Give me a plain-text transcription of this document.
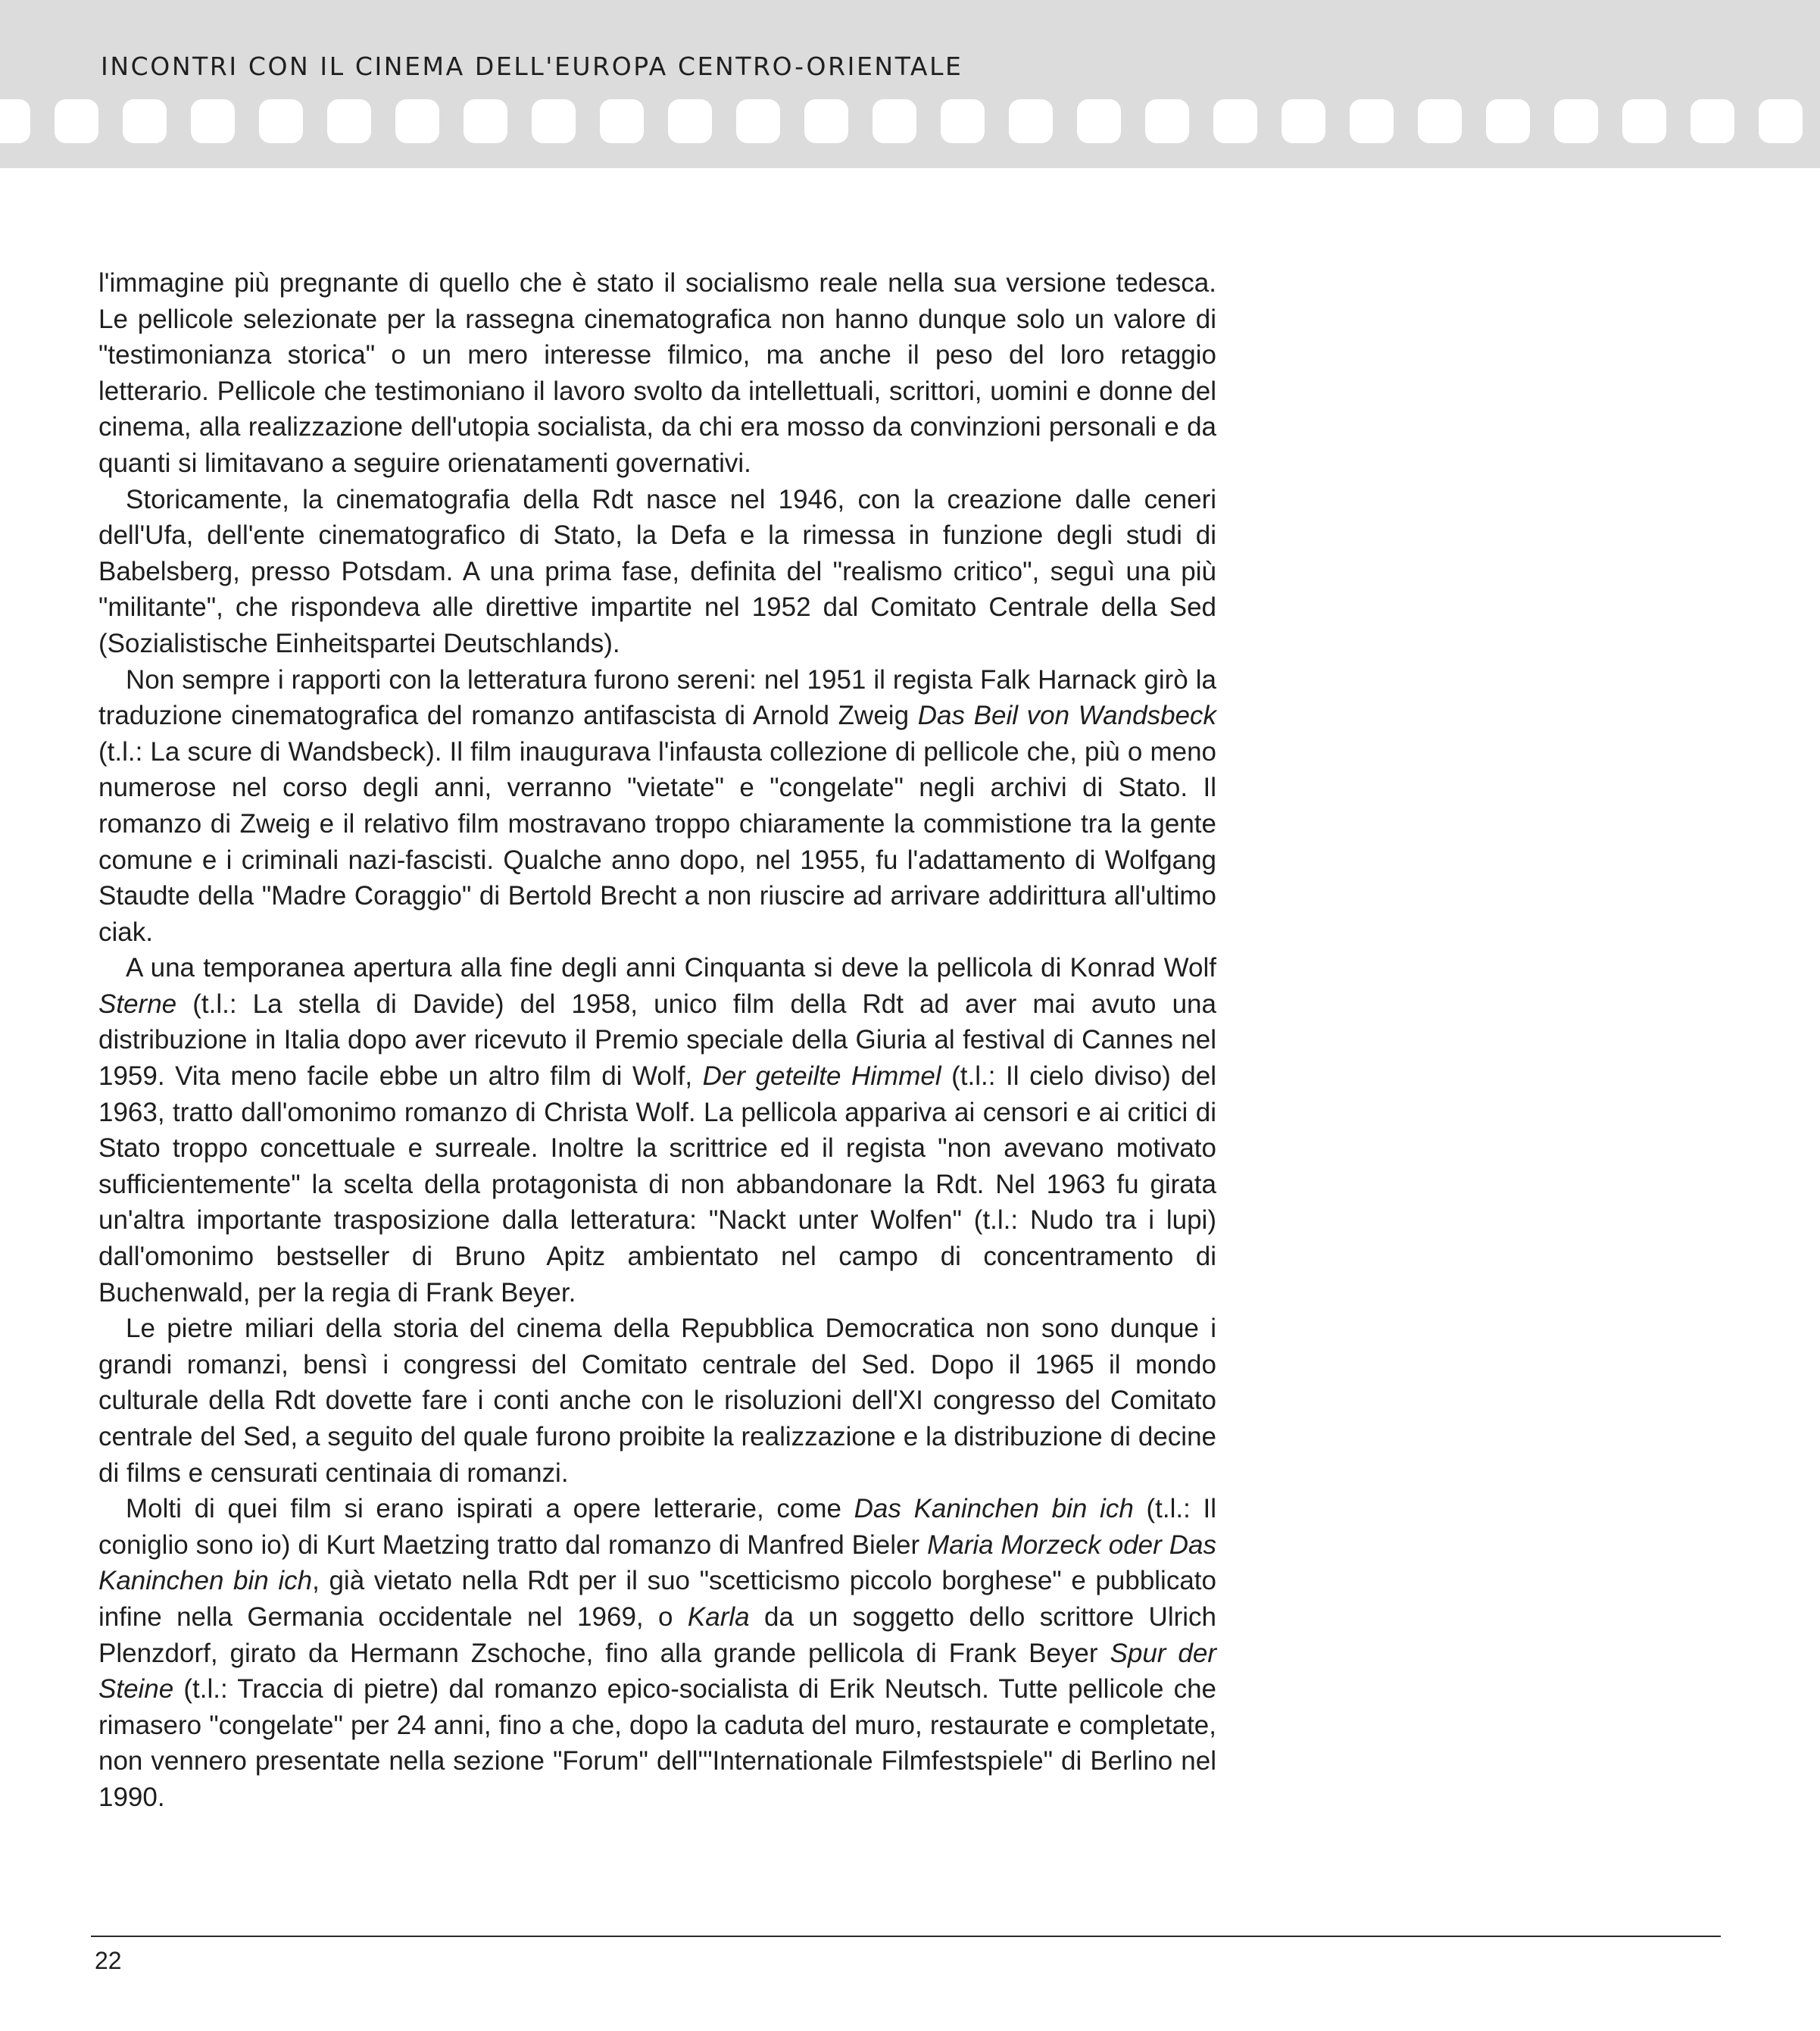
INCONTRI CON IL CINEMA DELL'EUROPA CENTRO-ORIENTALE

l'immagine più pregnante di quello che è stato il socialismo reale nella sua versione tedesca. Le pellicole selezionate per la rassegna cinematografica non hanno dunque solo un valore di "testimonianza storica" o un mero interesse filmico, ma anche il peso del loro retaggio letterario. Pellicole che testimoniano il lavoro svolto da intellettuali, scrittori, uomini e donne del cinema, alla realizzazione dell'utopia socialista, da chi era mosso da convinzioni personali e da quanti si limitavano a seguire orienatamenti governativi.

Storicamente, la cinematografia della Rdt nasce nel 1946, con la creazione dalle ceneri dell'Ufa, dell'ente cinematografico di Stato, la Defa e la rimessa in funzione degli studi di Babelsberg, presso Potsdam. A una prima fase, definita del "realismo critico", seguì una più "militante", che rispondeva alle direttive impartite nel 1952 dal Comitato Centrale della Sed (Sozialistische Einheitspartei Deutschlands).

Non sempre i rapporti con la letteratura furono sereni: nel 1951 il regista Falk Harnack girò la traduzione cinematografica del romanzo antifascista di Arnold Zweig Das Beil von Wandsbeck (t.l.: La scure di Wandsbeck). Il film inaugurava l'infausta collezione di pellicole che, più o meno numerose nel corso degli anni, verranno "vietate" e "congelate" negli archivi di Stato. Il romanzo di Zweig e il relativo film mostravano troppo chiaramente la commistione tra la gente comune e i criminali nazi-fascisti. Qualche anno dopo, nel 1955, fu l'adattamento di Wolfgang Staudte della "Madre Coraggio" di Bertold Brecht a non riuscire ad arrivare addirittura all'ultimo ciak.

A una temporanea apertura alla fine degli anni Cinquanta si deve la pellicola di Konrad Wolf Sterne (t.l.: La stella di Davide) del 1958, unico film della Rdt ad aver mai avuto una distribuzione in Italia dopo aver ricevuto il Premio speciale della Giuria al festival di Cannes nel 1959. Vita meno facile ebbe un altro film di Wolf, Der geteilte Himmel (t.l.: Il cielo diviso) del 1963, tratto dall'omonimo romanzo di Christa Wolf. La pellicola appariva ai censori e ai critici di Stato troppo concettuale e surreale. Inoltre la scrittrice ed il regista "non avevano motivato sufficientemente" la scelta della protagonista di non abbandonare la Rdt. Nel 1963 fu girata un'altra importante trasposizione dalla letteratura: "Nackt unter Wolfen" (t.l.: Nudo tra i lupi) dall'omonimo bestseller di Bruno Apitz ambientato nel campo di concentramento di Buchenwald, per la regia di Frank Beyer.

Le pietre miliari della storia del cinema della Repubblica Democratica non sono dunque i grandi romanzi, bensì i congressi del Comitato centrale del Sed. Dopo il 1965 il mondo culturale della Rdt dovette fare i conti anche con le risoluzioni dell'XI congresso del Comitato centrale del Sed, a seguito del quale furono proibite la realizzazione e la distribuzione di decine di films e censurati centinaia di romanzi.

Molti di quei film si erano ispirati a opere letterarie, come Das Kaninchen bin ich (t.l.: Il coniglio sono io) di Kurt Maetzing tratto dal romanzo di Manfred Bieler Maria Morzeck oder Das Kaninchen bin ich, già vietato nella Rdt per il suo "scetticismo piccolo borghese" e pubblicato infine nella Germania occidentale nel 1969, o Karla da un soggetto dello scrittore Ulrich Plenzdorf, girato da Hermann Zschoche, fino alla grande pellicola di Frank Beyer Spur der Steine (t.l.: Traccia di pietre) dal romanzo epico-socialista di Erik Neutsch. Tutte pellicole che rimasero "congelate" per 24 anni, fino a che, dopo la caduta del muro, restaurate e completate, non vennero presentate nella sezione "Forum" dell'"Internationale Filmfestspiele" di Berlino nel 1990.

22
